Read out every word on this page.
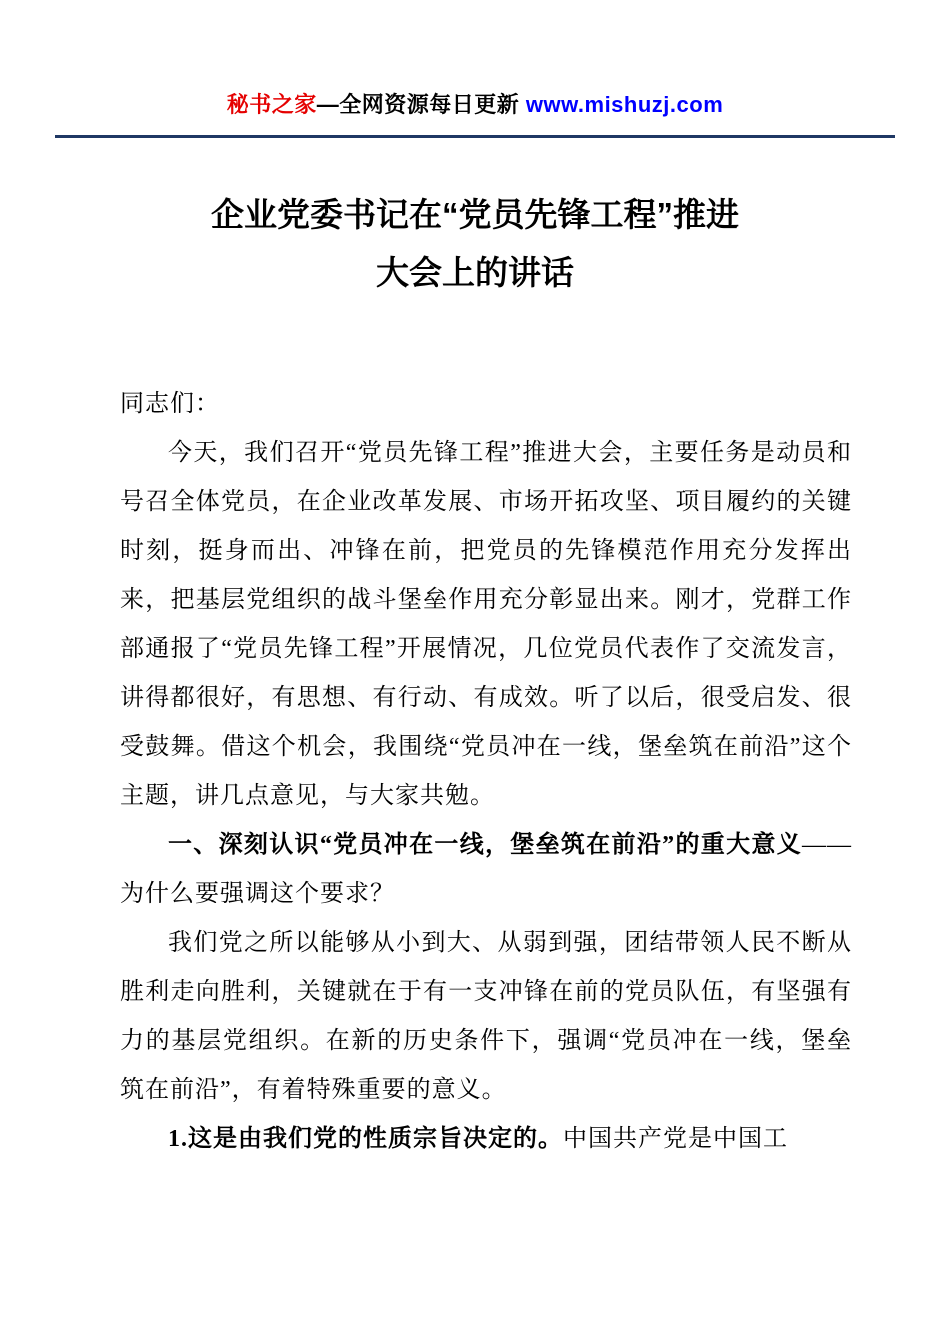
秘书之家—全网资源每日更新 www.mishuzj.com
企业党委书记在“党员先锋工程”推进
大会上的讲话

同志们：

今天，我们召开“党员先锋工程”推进大会，主要任务是动员和号召全体党员，在企业改革发展、市场开拓攻坚、项目履约的关键时刻，挺身而出、冲锋在前，把党员的先锋模范作用充分发挥出来，把基层党组织的战斗堡垒作用充分彰显出来。刚才，党群工作部通报了“党员先锋工程”开展情况，几位党员代表作了交流发言，讲得都很好，有思想、有行动、有成效。听了以后，很受启发、很受鼓舞。借这个机会，我围绕“党员冲在一线，堡垒筑在前沿”这个主题，讲几点意见，与大家共勉。

一、深刻认识“党员冲在一线，堡垒筑在前沿”的重大意义——为什么要强调这个要求？

我们党之所以能够从小到大、从弱到强，团结带领人民不断从胜利走向胜利，关键就在于有一支冲锋在前的党员队伍，有坚强有力的基层党组织。在新的历史条件下，强调“党员冲在一线，堡垒筑在前沿”，有着特殊重要的意义。

1.这是由我们党的性质宗旨决定的。中国共产党是中国工
